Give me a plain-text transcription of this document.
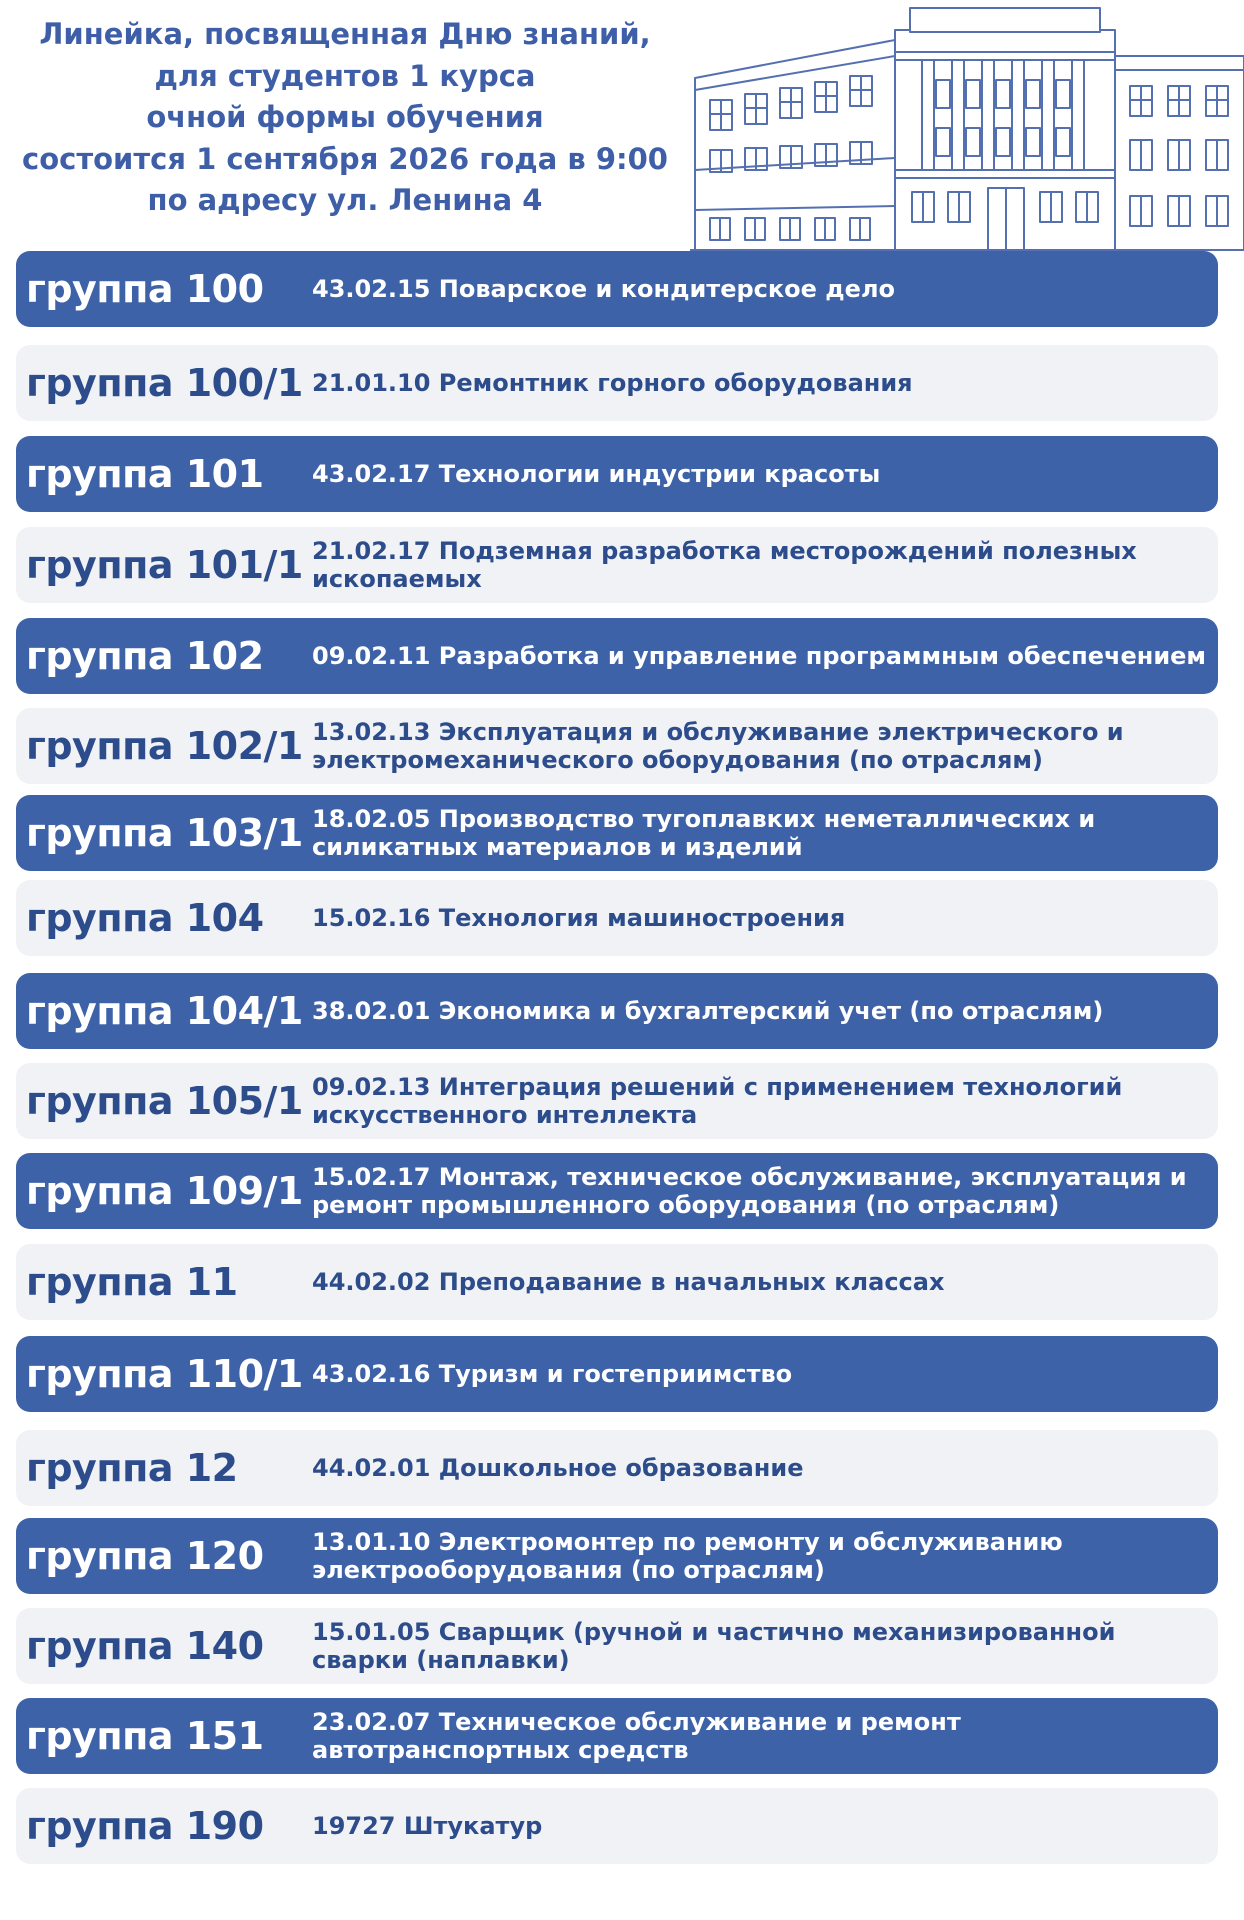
Линейка, посвященная Дню знаний,
для студентов 1 курса
очной формы обучения
состоится 1 сентября 2026 года в 9:00
по адресу ул. Ленина 4
группа 100	43.02.15 Поварское и кондитерское дело
группа 100/1 21.01.10 Ремонтник горного оборудования
группа 101	43.02.17 Технологии индустрии красоты
группа 101/1 21.02.17 Подземная разработка месторождений полезных ископаемых
группа 102	09.02.11 Разработка и управление программным обеспечением
группа 102/1 13.02.13 Эксплуатация и обслуживание электрического и электромеханического оборудования (по отраслям)
группа 103/1 18.02.05 Производство тугоплавких неметаллических и силикатных материалов и изделий
группа 104	15.02.16 Технология машиностроения
группа 104/1 38.02.01 Экономика и бухгалтерский учет (по отраслям)
группа 105/1 09.02.13 Интеграция решений с применением технологий искусственного интеллекта
группа 109/1 15.02.17 Монтаж, техническое обслуживание, эксплуатация и ремонт промышленного оборудования (по отраслям)
группа 11	44.02.02 Преподавание в начальных классах
группа 110/1 43.02.16 Туризм и гостеприимство
группа 12	44.02.01 Дошкольное образование
группа 120	13.01.10 Электромонтер по ремонту и обслуживанию электрооборудования (по отраслям)
группа 140	15.01.05 Сварщик (ручной и частично механизированной сварки (наплавки)
группа 151	23.02.07 Техническое обслуживание и ремонт автотранспортных средств
группа 190	19727 Штукатур
